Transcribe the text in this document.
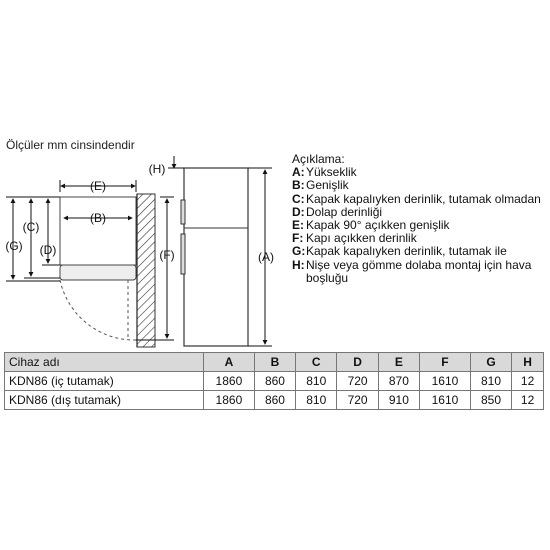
Ölçüler mm cinsindendir
(E)
(B)
(D)
(C)
(G)
(F)
(H)
(A)
Açıklama:
A : Yükseklik
B : Genişlik
C : Kapak kapalıyken derinlik, tutamak olmadan
D : Dolap derinliği
E : Kapak 90° açıkken genişlik
F : Kapı açıkken derinlik
G : Kapak kapalıyken derinlik, tutamak ile
H : Nişe veya gömme dolaba montaj için hava boşluğu
Cihaz adı	A	B	C	D	E	F	G	H
KDN86 (iç tutamak)	1860	860	810	720	870	1610	810	12
KDN86 (dış tutamak)	1860	860	810	720	910	1610	850	12
